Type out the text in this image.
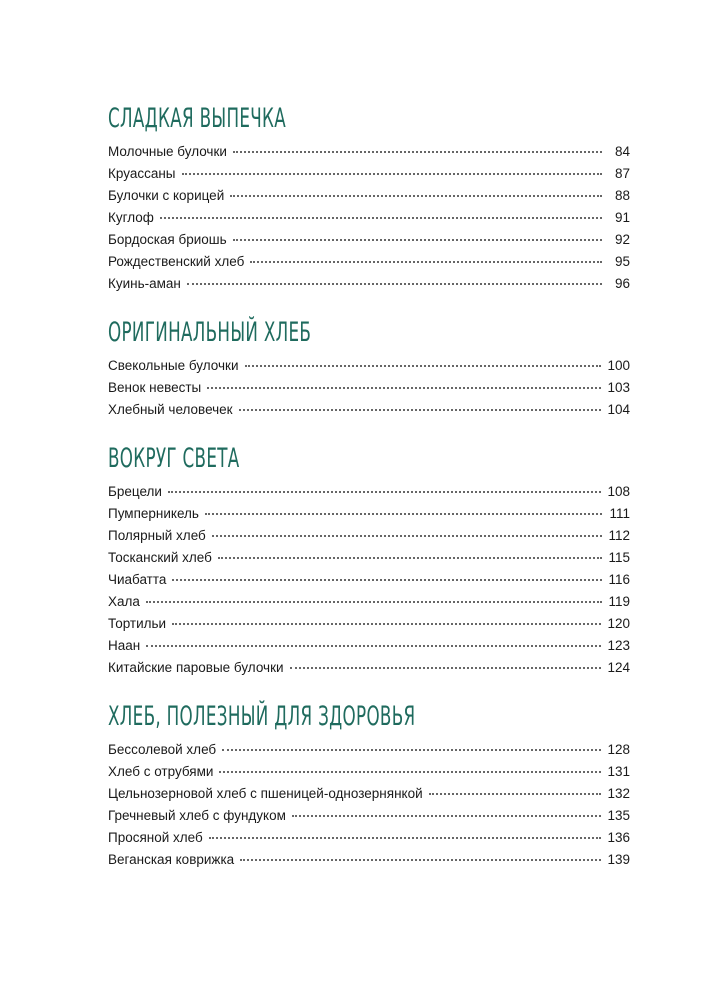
СЛАДКАЯ ВЫПЕЧКА
Молочные булочки	84
Круассаны	87
Булочки с корицей	88
Куглоф	91
Бордоская бриошь	92
Рождественский хлеб	95
Куинь-аман	96
ОРИГИНАЛЬНЫЙ ХЛЕБ
Свекольные булочки	100
Венок невесты	103
Хлебный человечек	104
ВОКРУГ СВЕТА
Брецели	108
Пумперникель	111
Полярный хлеб	112
Тосканский хлеб	115
Чиабатта	116
Хала	119
Тортильи	120
Наан	123
Китайские паровые булочки	124
ХЛЕБ, ПОЛЕЗНЫЙ ДЛЯ ЗДОРОВЬЯ
Бессолевой хлеб	128
Хлеб с отрубями	131
Цельнозерновой хлеб с пшеницей-однозернянкой	132
Гречневый хлеб с фундуком	135
Просяной хлеб	136
Веганская коврижка	139
